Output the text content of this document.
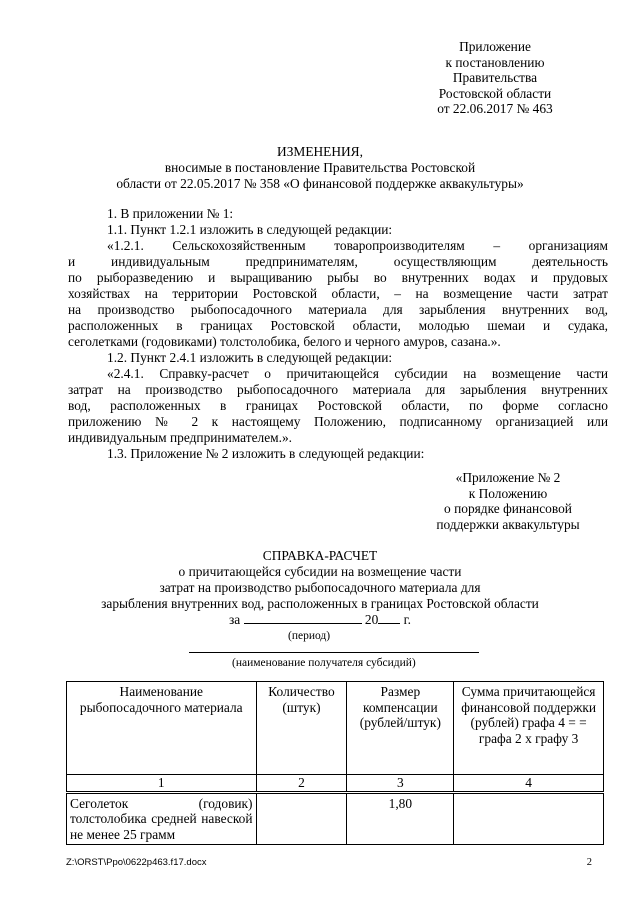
Приложение
к постановлению
Правительства
Ростовской области
от 22.06.2017 № 463
ИЗМЕНЕНИЯ,
вносимые в постановление Правительства Ростовской
области от 22.05.2017 № 358 «О финансовой поддержке аквакультуры»
1. В приложении № 1:
1.1. Пункт 1.2.1 изложить в следующей редакции:
«1.2.1. Сельскохозяйственным товаропроизводителям – организациям
и индивидуальным предпринимателям, осуществляющим деятельность
по рыборазведению и выращиванию рыбы во внутренних водах и прудовых
хозяйствах на территории Ростовской области, – на возмещение части затрат
на производство рыбопосадочного материала для зарыбления внутренних вод,
расположенных в границах Ростовской области, молодью шемаи и судака,
сеголетками (годовиками) толстолобика, белого и черного амуров, сазана.».
1.2. Пункт 2.4.1 изложить в следующей редакции:
«2.4.1. Справку-расчет о причитающейся субсидии на возмещение части
затрат на производство рыбопосадочного материала для зарыбления внутренних
вод, расположенных в границах Ростовской области, по форме согласно
приложению № 2 к настоящему Положению, подписанному организацией или
индивидуальным предпринимателем.».
1.3. Приложение № 2 изложить в следующей редакции:
«Приложение № 2
к Положению
о порядке финансовой
поддержки аквакультуры
СПРАВКА-РАСЧЕТ
о причитающейся субсидии на возмещение части
затрат на производство рыбопосадочного материала для
зарыбления внутренних вод, расположенных в границах Ростовской области
за	20 г.
(период)
(наименование получателя субсидий)
Наименование рыбопосадочного материала	Количество (штук)	Размер компенсации (рублей/штук)	Сумма причитающейся финансовой поддержки (рублей) графа 4 = = графа 2 х графу 3
1	2	3	4
Сеголеток (годовик) толстолобика средней навеской не менее 25 грамм		1,80	
Z:\ORST\Ppo\0622p463.f17.docx	2
